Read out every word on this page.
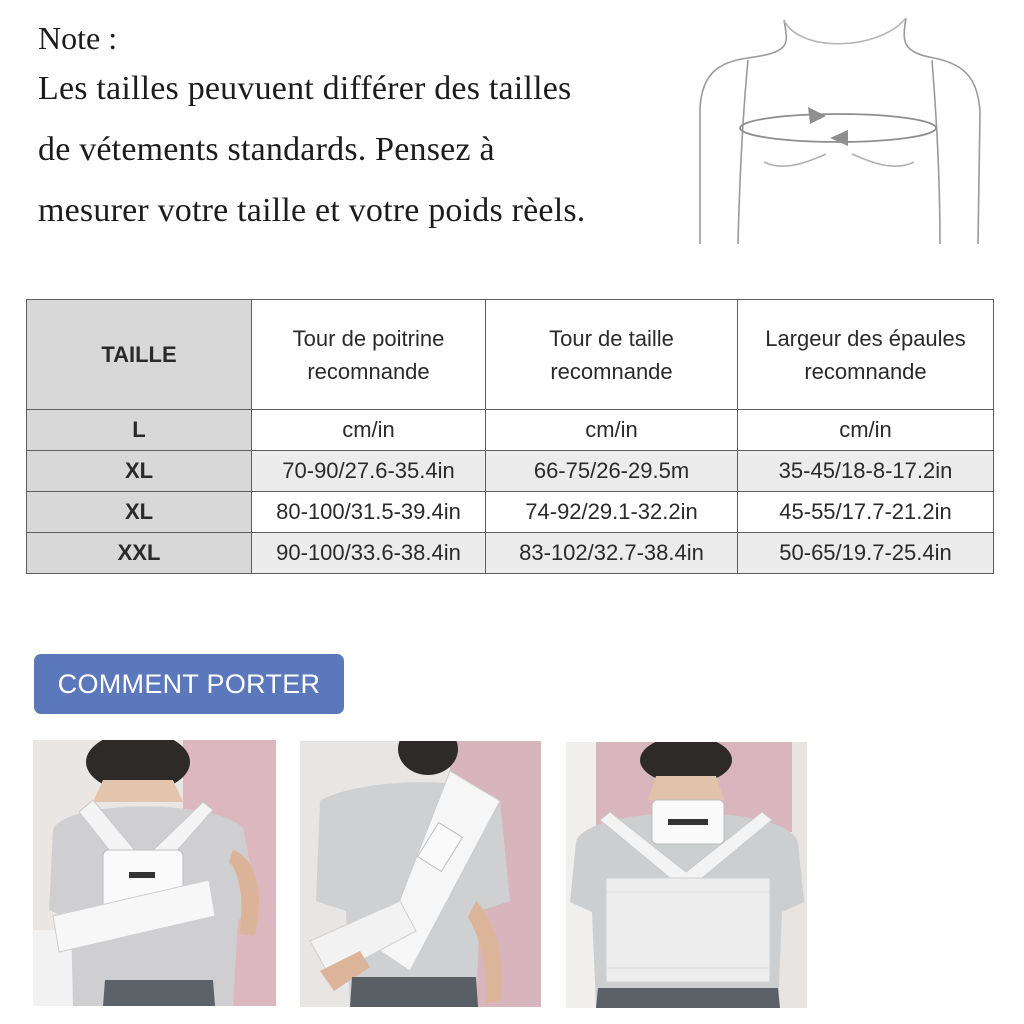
Note :
Les tailles peuvuent différer des tailles
de vétements standards. Pensez à
mesurer votre taille et votre poids rèels.
TAILLE	Tour de poitrine recomnande	Tour de taille recomnande	Largeur des épaules recomnande
L	cm/in	cm/in	cm/in
XL	70-90/27.6-35.4in	66-75/26-29.5m	35-45/18-8-17.2in
XL	80-100/31.5-39.4in	74-92/29.1-32.2in	45-55/17.7-21.2in
XXL	90-100/33.6-38.4in	83-102/32.7-38.4in	50-65/19.7-25.4in
COMMENT PORTER
